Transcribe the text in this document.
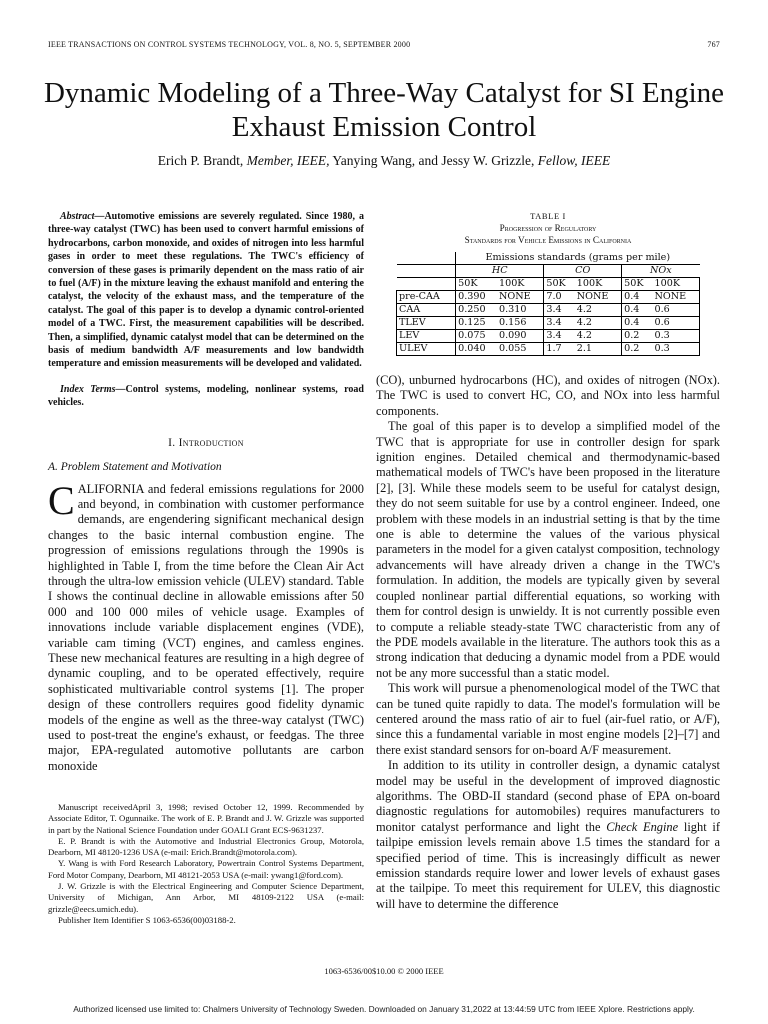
IEEE TRANSACTIONS ON CONTROL SYSTEMS TECHNOLOGY, VOL. 8, NO. 5, SEPTEMBER 2000	767
Dynamic Modeling of a Three-Way Catalyst for SI Engine Exhaust Emission Control
Erich P. Brandt, Member, IEEE, Yanying Wang, and Jessy W. Grizzle, Fellow, IEEE

Abstract—Automotive emissions are severely regulated. Since 1980, a three-way catalyst (TWC) has been used to convert harmful emissions of hydrocarbons, carbon monoxide, and oxides of nitrogen into less harmful gases in order to meet these regulations. The TWC's efficiency of conversion of these gases is primarily dependent on the mass ratio of air to fuel (A/F) in the mixture leaving the exhaust manifold and entering the catalyst, the velocity of the exhaust mass, and the temperature of the catalyst. The goal of this paper is to develop a dynamic control-oriented model of a TWC. First, the measurement capabilities will be described. Then, a simplified, dynamic catalyst model that can be determined on the basis of medium bandwidth A/F measurements and low bandwidth temperature and emission measurements will be developed and validated.

Index Terms—Control systems, modeling, nonlinear systems, road vehicles.

I. Introduction
A. Problem Statement and Motivation

CALIFORNIA and federal emissions regulations for 2000 and beyond, in combination with customer performance demands, are engendering significant mechanical design changes to the basic internal combustion engine. The progression of emissions regulations through the 1990s is highlighted in Table I, from the time before the Clean Air Act through the ultra-low emission vehicle (ULEV) standard. Table I shows the continual decline in allowable emissions after 50 000 and 100 000 miles of vehicle usage. Examples of innovations include variable displacement engines (VDE), variable cam timing (VCT) engines, and camless engines. These new mechanical features are resulting in a high degree of dynamic coupling, and to be operated effectively, require sophisticated multivariable control systems [1]. The proper design of these controllers requires good fidelity dynamic models of the engine as well as the three-way catalyst (TWC) used to post-treat the engine's exhaust, or feedgas. The three major, EPA-regulated automotive pollutants are carbon monoxide

Manuscript receivedApril 3, 1998; revised October 12, 1999. Recommended by Associate Editor, T. Ogunnaike. The work of E. P. Brandt and J. W. Grizzle was supported in part by the National Science Foundation under GOALI Grant ECS-9631237.

E. P. Brandt is with the Automotive and Industrial Electronics Group, Motorola, Dearborn, MI 48120-1236 USA (e-mail: Erich.Brandt@motorola.com).

Y. Wang is with Ford Research Laboratory, Powertrain Control Systems Department, Ford Motor Company, Dearborn, MI 48121-2053 USA (e-mail: ywang1@ford.com).

J. W. Grizzle is with the Electrical Engineering and Computer Science Department, University of Michigan, Ann Arbor, MI 48109-2122 USA (e-mail: grizzle@eecs.umich.edu).

Publisher Item Identifier S 1063-6536(00)03188-2.

TABLE I
Progression of Regulatory
Standards for Vehicle Emissions in California
	Emissions standards (grams per mile)					
	HC		CO		NOx	
	50K	100K	50K	100K	50K	100K
pre-CAA	0.390	NONE	7.0	NONE	0.4	NONE
CAA	0.250	0.310	3.4	4.2	0.4	0.6
TLEV	0.125	0.156	3.4	4.2	0.4	0.6
LEV	0.075	0.090	3.4	4.2	0.2	0.3
ULEV	0.040	0.055	1.7	2.1	0.2	0.3

(CO), unburned hydrocarbons (HC), and oxides of nitrogen (NOx). The TWC is used to convert HC, CO, and NOx into less harmful components.

The goal of this paper is to develop a simplified model of the TWC that is appropriate for use in controller design for spark ignition engines. Detailed chemical and thermodynamic-based mathematical models of TWC's have been proposed in the literature [2], [3]. While these models seem to be useful for catalyst design, they do not seem suitable for use by a control engineer. Indeed, one problem with these models in an industrial setting is that by the time one is able to determine the values of the various physical parameters in the model for a given catalyst composition, technology advancements will have already driven a change in the TWC's formulation. In addition, the models are typically given by several coupled nonlinear partial differential equations, so working with them for control design is unwieldy. It is not currently possible even to compute a reliable steady-state TWC characteristic from any of the PDE models available in the literature. The authors took this as a strong indication that deducing a dynamic model from a PDE would not be any more successful than a static model.

This work will pursue a phenomenological model of the TWC that can be tuned quite rapidly to data. The model's formulation will be centered around the mass ratio of air to fuel (air-fuel ratio, or A/F), since this a fundamental variable in most engine models [2]–[7] and there exist standard sensors for on-board A/F measurement.

In addition to its utility in controller design, a dynamic catalyst model may be useful in the development of improved diagnostic algorithms. The OBD-II standard (second phase of EPA on-board diagnostic regulations for automobiles) requires manufacturers to monitor catalyst performance and light the Check Engine light if tailpipe emission levels remain above 1.5 times the standard for a specified period of time. This is increasingly difficult as newer emission standards require lower and lower levels of exhaust gases at the tailpipe. To meet this requirement for ULEV, this diagnostic will have to determine the difference

1063-6536/00$10.00 © 2000 IEEE
Authorized licensed use limited to: Chalmers University of Technology Sweden. Downloaded on January 31,2022 at 13:44:59 UTC from IEEE Xplore. Restrictions apply.
